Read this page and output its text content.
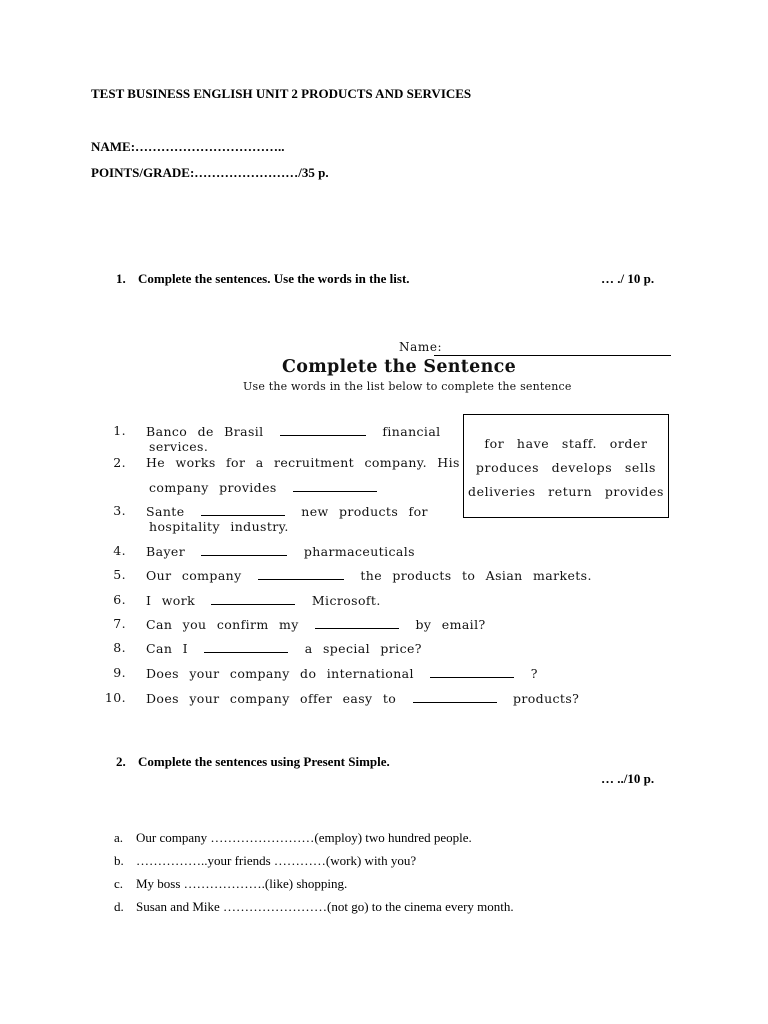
TEST BUSINESS ENGLISH UNIT 2 PRODUCTS AND SERVICES
NAME:……………………………..
POINTS/GRADE:……………………/35 p.
1. Complete the sentences. Use the words in the list.	… ./ 10 p.
Name:
Complete the Sentence
Use the words in the list below to complete the sentence
for have staff. order
produces develops sells
deliveries return provides
1. Banco de Brasil	financial
services.
2. He works for a recruitment company. His
company provides
3. Sante	new products for
hospitality industry.
4. Bayer	pharmaceuticals
5. Our company	the products to Asian markets.
6. I work	Microsoft.
7. Can you confirm my	by email?
8. Can I	a special price?
9. Does your company do international	?
10. Does your company offer easy to	products?
2. Complete the sentences using Present Simple.
… ../10 p.
a. Our company ……………………(employ) two hundred people.
b. ……………..your friends …………(work) with you?
c. My boss ……………….(like) shopping.
d. Susan and Mike ……………………(not go) to the cinema every month.
